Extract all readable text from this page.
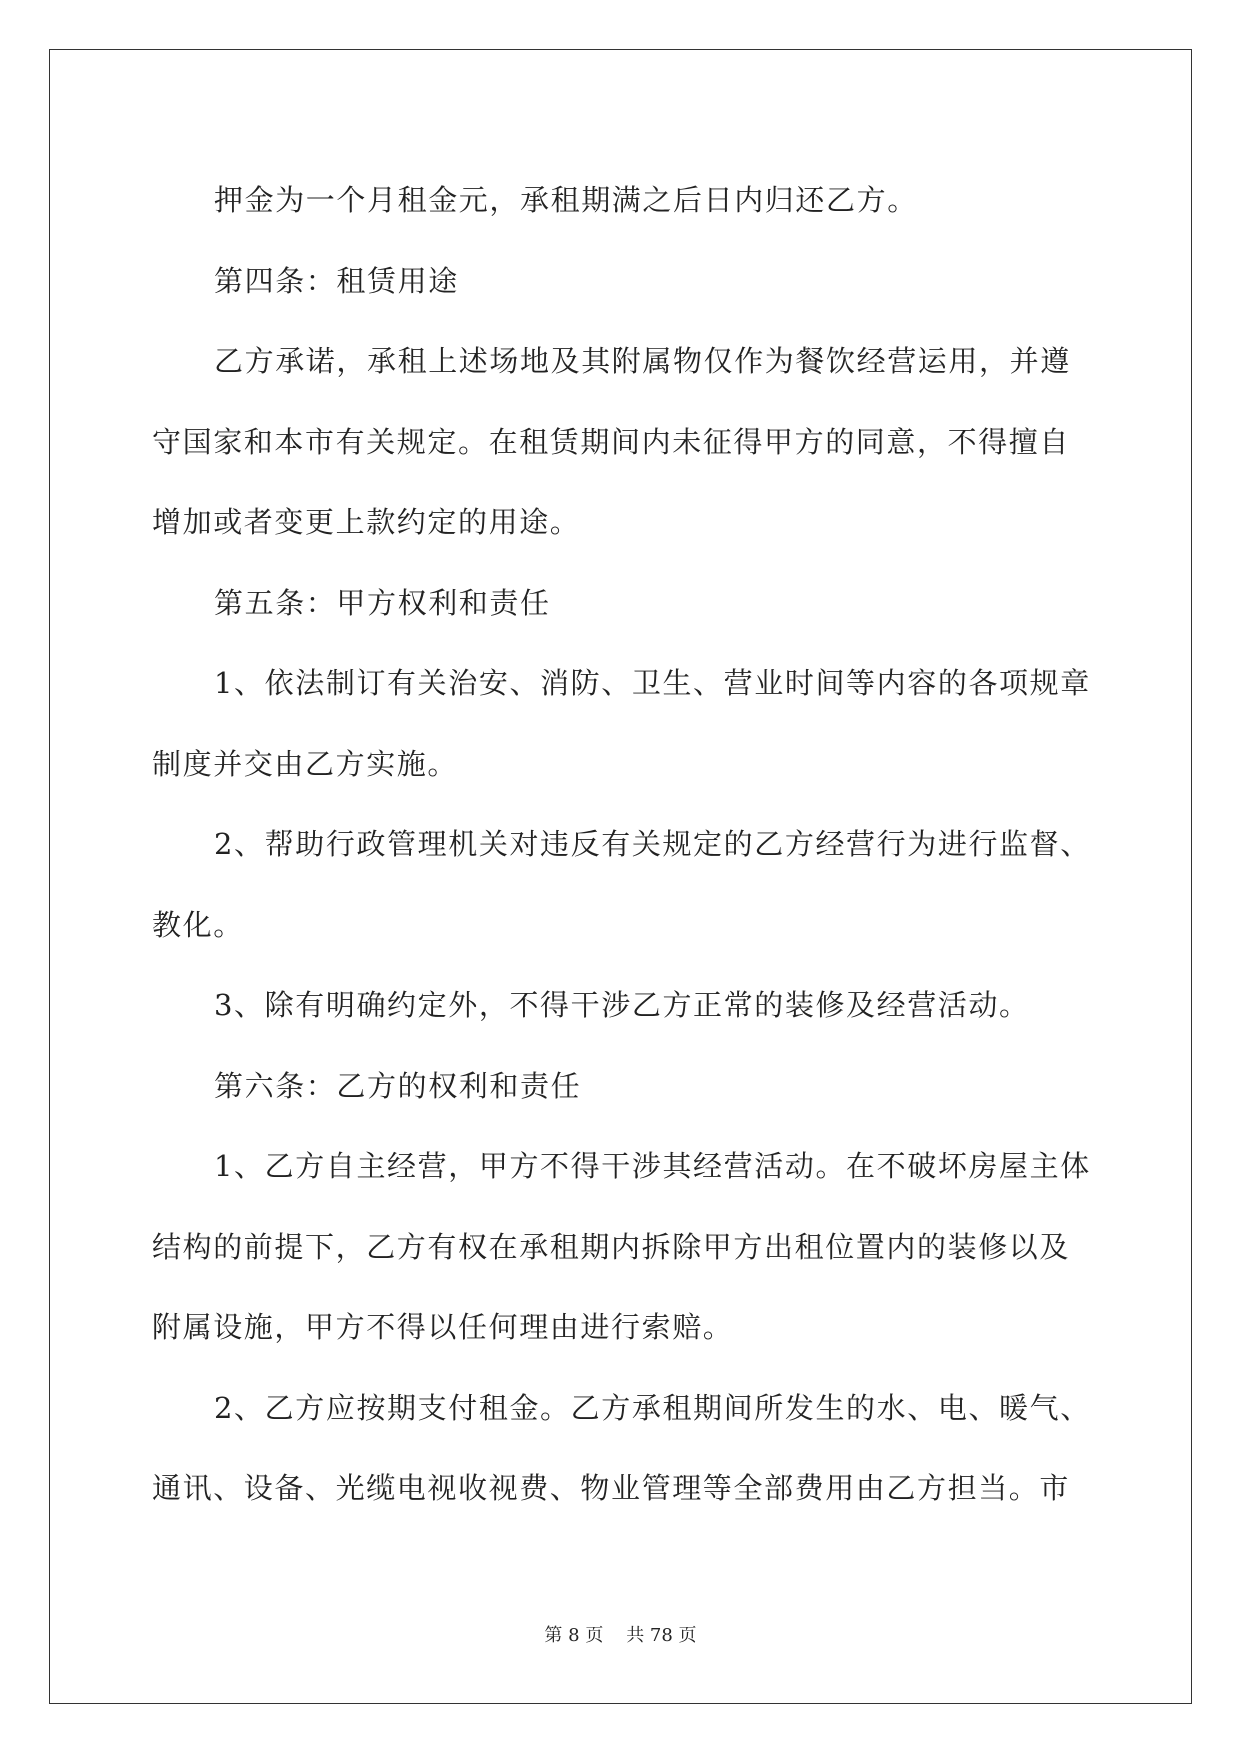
押金为一个月租金元，承租期满之后日内归还乙方。

第四条：租赁用途

乙方承诺，承租上述场地及其附属物仅作为餐饮经营运用，并遵

守国家和本市有关规定。在租赁期间内未征得甲方的同意，不得擅自

增加或者变更上款约定的用途。

第五条：甲方权利和责任

1、依法制订有关治安、消防、卫生、营业时间等内容的各项规章

制度并交由乙方实施。

2、帮助行政管理机关对违反有关规定的乙方经营行为进行监督、

教化。

3、除有明确约定外，不得干涉乙方正常的装修及经营活动。

第六条：乙方的权利和责任

1、乙方自主经营，甲方不得干涉其经营活动。在不破坏房屋主体

结构的前提下，乙方有权在承租期内拆除甲方出租位置内的装修以及

附属设施，甲方不得以任何理由进行索赔。

2、乙方应按期支付租金。乙方承租期间所发生的水、电、暖气、

通讯、设备、光缆电视收视费、物业管理等全部费用由乙方担当。市

第 8 页    共 78 页
